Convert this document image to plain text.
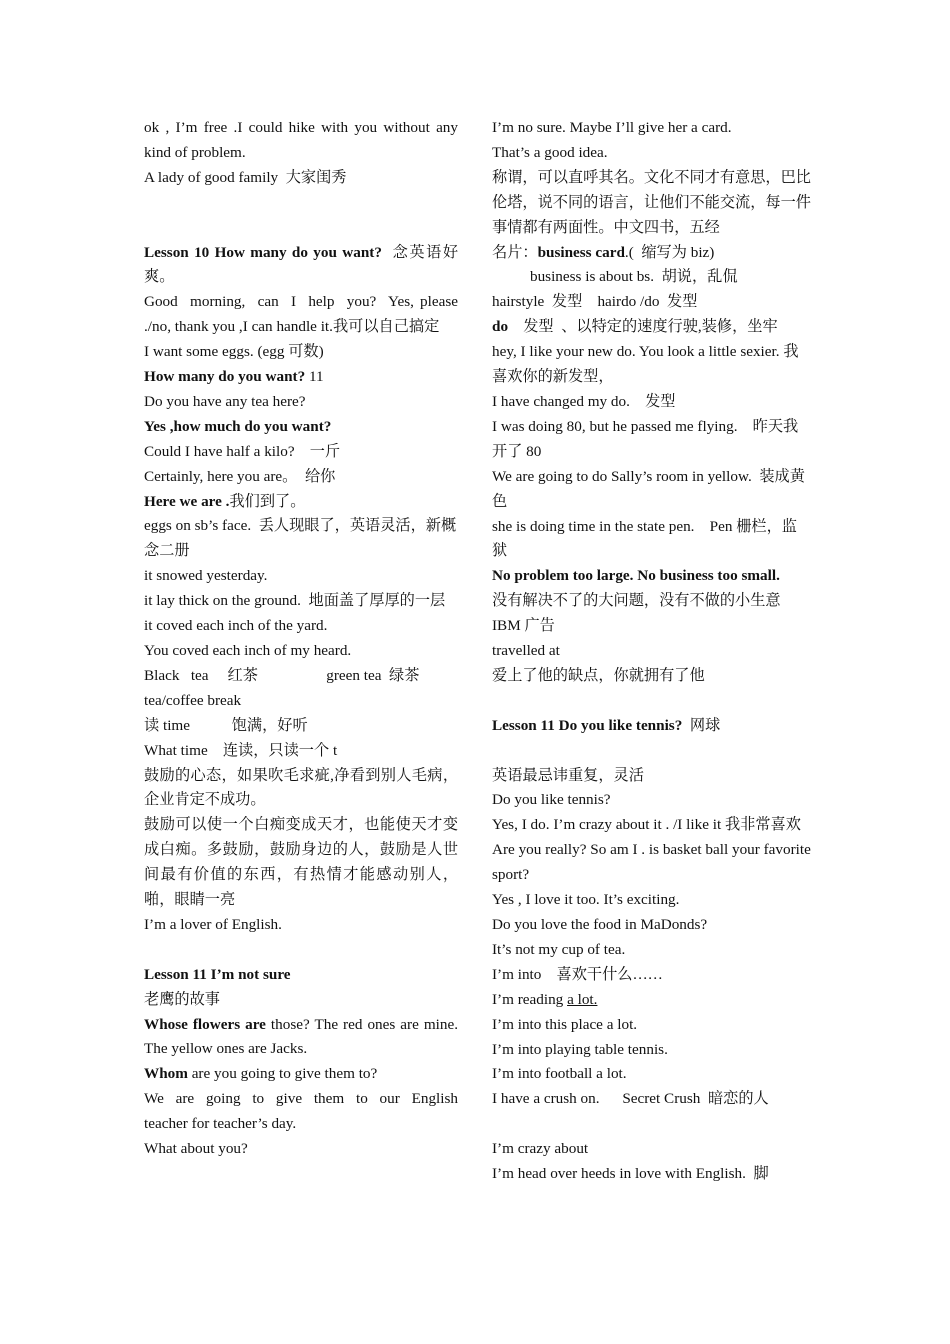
ok , I’m free .I could hike with you without any kind of problem.
A lady of good family  大家闺秀
Lesson 10 How many do you want?  念英语好爽。
Good  morning,  can  I  help  you?  Yes, please ./no, thank you ,I can handle it.我可以自己搞定
I want some eggs. (egg 可数)
How many do you want? 11
Do you have any tea here?
Yes ,how much do you want?
Could I have half a kilo?    一斤
Certainly, here you are。  给你
Here we are .我们到了。
eggs on sb’s face.  丢人现眼了，英语灵活，新概念二册
it snowed yesterday.
it lay thick on the ground.  地面盖了厚厚的一层
it coved each inch of the yard.
You coved each inch of my heard.
Black   tea     红茶                  green tea  绿茶
tea/coffee break
读 time           饱满，好听
What time    连读，只读一个 t
鼓励的心态，如果吹毛求疵,净看到别人毛病，企业肯定不成功。
鼓励可以使一个白痴变成天才，也能使天才变成白痴。多鼓励，鼓励身边的人，鼓励是人世间最有价值的东西，有热情才能感动别人，啪，眼睛一亮
I’m a lover of English.
Lesson 11 I’m not sure
老鹰的故事
Whose flowers are those? The red ones are mine. The yellow ones are Jacks.
Whom are you going to give them to?
We  are  going  to  give  them  to  our  English teacher for teacher’s day.
What about you?
I’m no sure. Maybe I’ll give her a card.
That’s a good idea.
称谓，可以直呼其名。文化不同才有意思，巴比伦塔，说不同的语言，让他们不能交流，每一件事情都有两面性。中文四书，五经
名片：business card.(  缩写为 biz)
business is about bs.  胡说，乱侃
hairstyle  发型    hairdo /do  发型
do    发型  、以特定的速度行驶,装修，坐牢
hey, I like your new do. You look a little sexier. 我喜欢你的新发型，
I have changed my do.    发型
I was doing 80, but he passed me flying.    昨天我开了 80
We are going to do Sally’s room in yellow.  装成黄色
she is doing time in the state pen.    Pen 栅栏，监狱
No problem too large. No business too small.
没有解决不了的大问题，没有不做的小生意 IBM 广告
travelled at
爱上了他的缺点，你就拥有了他
Lesson 11 Do you like tennis?  网球
英语最忌讳重复，灵活
Do you like tennis?
Yes, I do. I’m crazy about it . /I like it 我非常喜欢
Are you really? So am I . is basket ball your favorite sport?
Yes , I love it too. It’s exciting.
Do you love the food in MaDonds?
It’s not my cup of tea.
I’m into    喜欢干什么……
I’m reading a lot.
I’m into this place a lot.
I’m into playing table tennis.
I’m into football a lot.
I have a crush on.      Secret Crush  暗恋的人
I’m crazy about
I’m head over heeds in love with English.  脚
